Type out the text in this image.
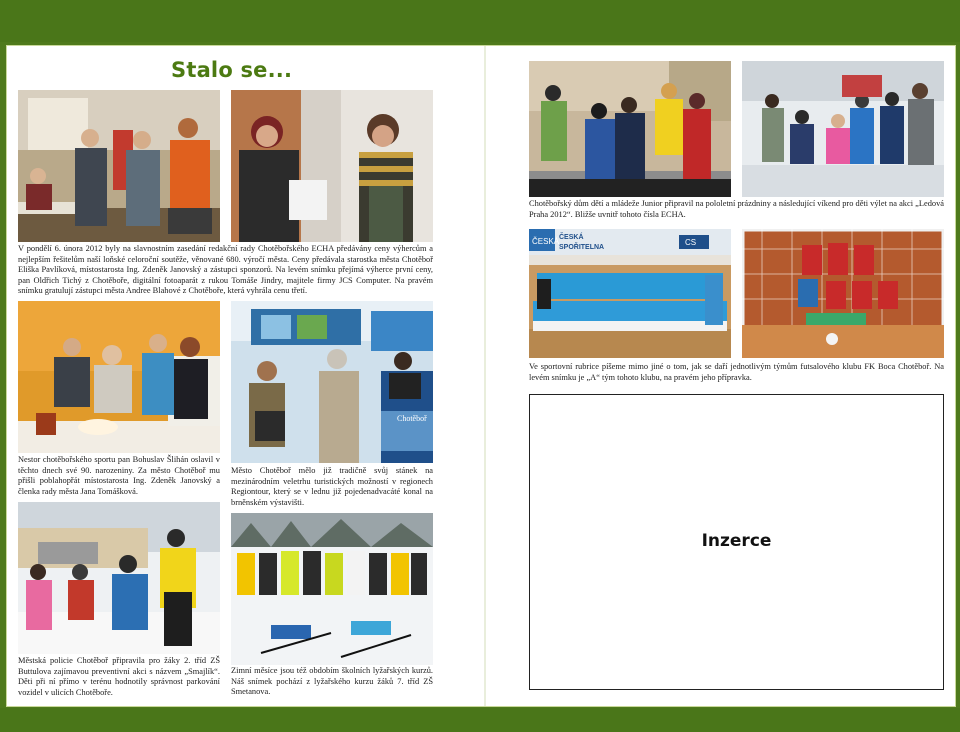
Stalo se...

V pondělí 6. února 2012 byly na slavnostním zasedání redakční rady Chotěbořského ECHA předávány ceny výhercům a nejlepším řešitelům naší loňské celoroční soutěže, věnované 680. výročí města. Ceny předávala starostka města Chotěboř Eliška Pavlíková, místostarosta Ing. Zdeněk Janovský a zástupci sponzorů. Na levém snímku přejímá výherce první ceny, pan Oldřich Tichý z Chotěboře, digitální fotoaparát z rukou Tomáše Jindry, majitele firmy JCS Computer. Na pravém snímku gratulují zástupci města Andree Blahové z Chotěboře, která vyhrála cenu třetí.

Nestor chotěbořského sportu pan Bohuslav Šlihán oslavil v těchto dnech své 90. narozeniny. Za město Chotěboř mu přišli poblahopřát místostarosta Ing. Zdeněk Janovský a členka rady města Jana Tomášková.

Chotěboř

Město Chotěboř mělo již tradičně svůj stánek na mezinárodním veletrhu turistických možností v regionech Regiontour, který se v lednu již pojedenadvacáté konal na brněnském výstavišti.

Městská policie Chotěboř připravila pro žáky 2. tříd ZŠ Buttulova zajímavou preventivní akci s názvem „Smajlík“. Děti při ní přímo v terénu hodnotily správnost parkování vozidel v ulicích Chotěboře.

Zimní měsíce jsou též obdobím školních lyžařských kurzů. Náš snímek pochází z lyžařského kurzu žáků 7. tříd ZŠ Smetanova.

Chotěbořský dům dětí a mládeže Junior připravil na pololetní prázdniny a následující víkend pro děti výlet na akci „Ledová Praha 2012“. Bližše uvnitř tohoto čísla ECHA.

ČESKÁ ČESKÁ
SPOŘITELNA
CS

Ve sportovní rubrice píšeme mimo jiné o tom, jak se daří jednotlivým týmům futsalového klubu FK Boca Chotěboř. Na levém snímku je „A“ tým tohoto klubu, na pravém jeho přípravka.

Inzerce
